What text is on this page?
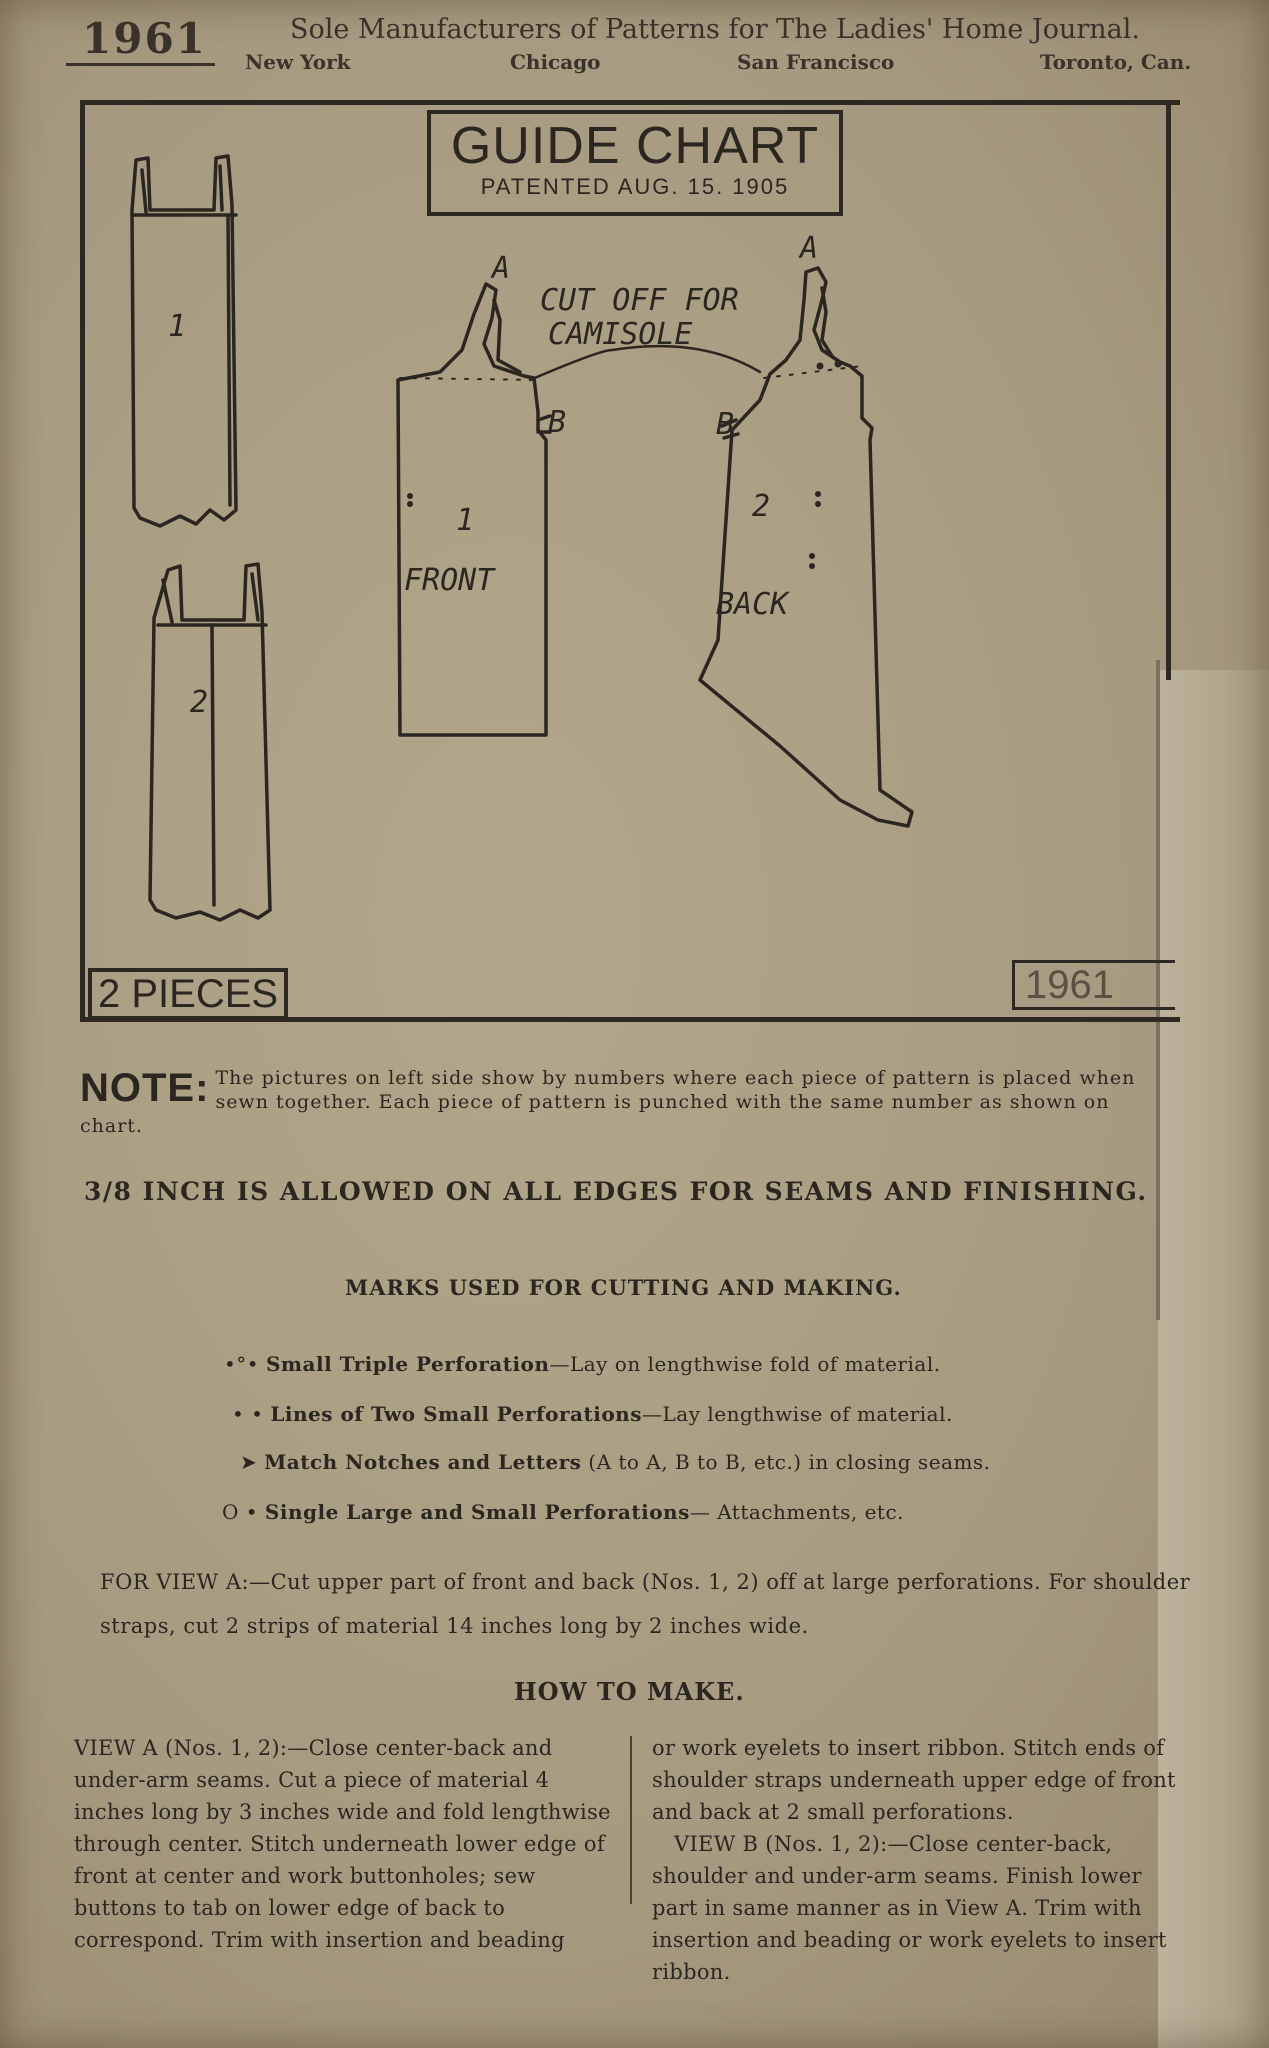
1961	Sole Manufacturers of Patterns for The Ladies' Home Journal.
New York	Chicago	San Francisco	Toronto, Can.
GUIDE CHART
PATENTED AUG. 15. 1905
A
B
A
B
CUT OFF FOR
CAMISOLE
1
FRONT
2
BACK
1
2
2 PIECES	1961
NOTE: The pictures on left side show by numbers where each piece of pattern is placed when sewn together. Each piece of pattern is punched with the same number as shown on chart.
3/8 INCH IS ALLOWED ON ALL EDGES FOR SEAMS AND FINISHING.
MARKS USED FOR CUTTING AND MAKING.
•°• Small Triple Perforation—Lay on lengthwise fold of material.
• • Lines of Two Small Perforations—Lay lengthwise of material.
➤ Match Notches and Letters (A to A, B to B, etc.) in closing seams.
O • Single Large and Small Perforations— Attachments, etc.
FOR VIEW A:—Cut upper part of front and back (Nos. 1, 2) off at large perforations. For shoulder straps, cut 2 strips of material 14 inches long by 2 inches wide.
HOW TO MAKE.
VIEW A (Nos. 1, 2):—Close center-back and under-arm seams. Cut a piece of material 4 inches long by 3 inches wide and fold lengthwise through center. Stitch underneath lower edge of front at center and work buttonholes; sew buttons to tab on lower edge of back to correspond. Trim with insertion and beading
or work eyelets to insert ribbon. Stitch ends of shoulder straps underneath upper edge of front and back at 2 small perforations.
VIEW B (Nos. 1, 2):—Close center-back, shoulder and under-arm seams. Finish lower part in same manner as in View A. Trim with insertion and beading or work eyelets to insert ribbon.
